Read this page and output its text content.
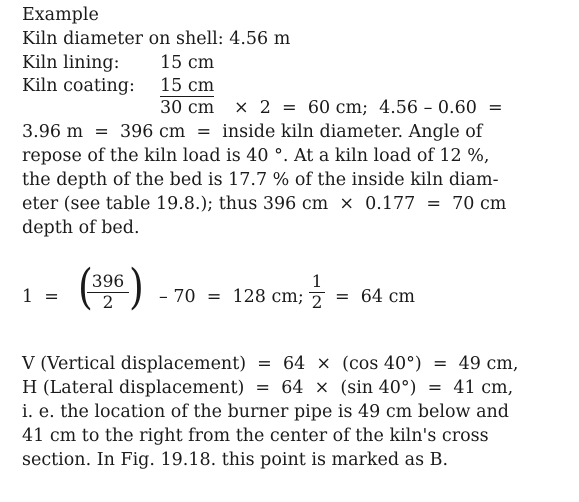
Example
Kiln diameter on shell: 4.56 m
Kiln lining: 15 cm
Kiln coating: 15 cm
30 cm ×  2  =  60 cm;  4.56 – 0.60  =
3.96 m  =  396 cm  =  inside kiln diameter. Angle of
repose of the kiln load is 40 °. At a kiln load of 12 %,
the depth of the bed is 17.7 % of the inside kiln diam-
eter (see table 19.8.); thus 396 cm  ×  0.177  =  70 cm
depth of bed.
1  = (
$\frac{396}{2}$ ) – 70  =  128 cm; $\frac{1}{2} = 64$ cm
V (Vertical displacement)  =  64  ×  (cos 40°)  =  49 cm,
H (Lateral displacement)  =  64  ×  (sin 40°)  =  41 cm,
i. e. the location of the burner pipe is 49 cm below and
41 cm to the right from the center of the kiln's cross
section. In Fig. 19.18. this point is marked as B.
